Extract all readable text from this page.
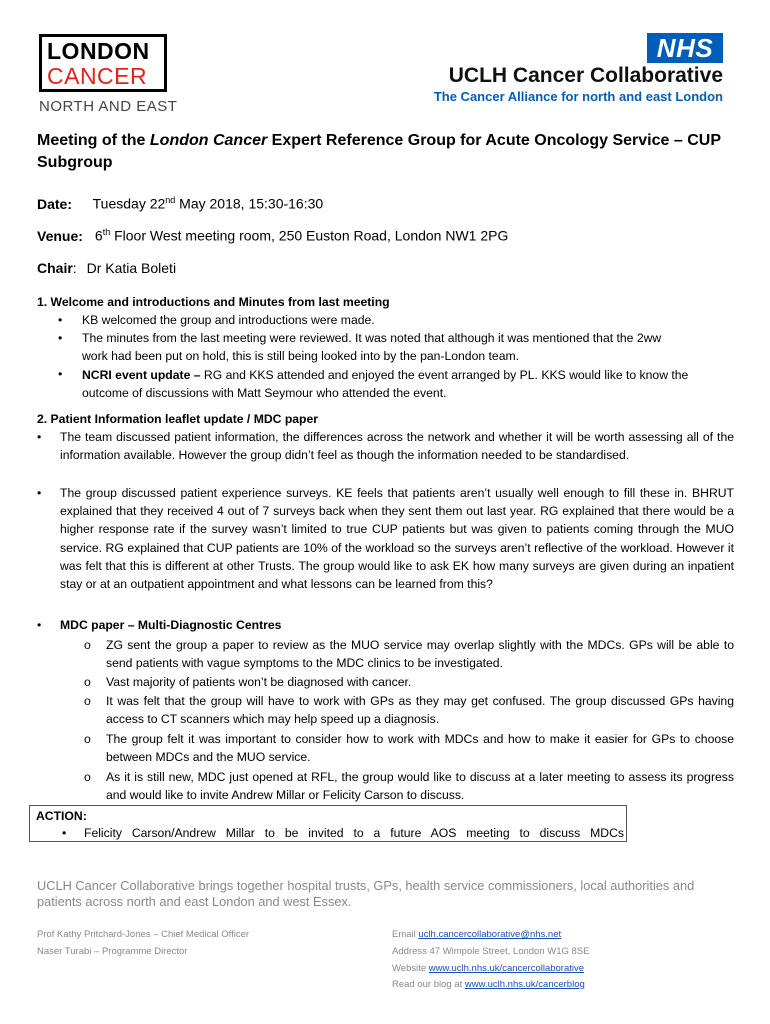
LONDON
CANCER
NORTH AND EAST
NHS
UCLH Cancer Collaborative
The Cancer Alliance for north and east London
Meeting of the London Cancer Expert Reference Group for Acute Oncology Service – CUP
Subgroup
Date: Tuesday 22nd May 2018, 15:30-16:30
Venue: 6th Floor West meeting room, 250 Euston Road, London NW1 2PG
Chair: Dr Katia Boleti

1. Welcome and introductions and Minutes from last meeting

• KB welcomed the group and introductions were made.

• The minutes from the last meeting were reviewed. It was noted that although it was mentioned that the 2ww

work had been put on hold, this is still being looked into by the pan-London team.

• NCRI event update – RG and KKS attended and enjoyed the event arranged by PL. KKS would like to know the

outcome of discussions with Matt Seymour who attended the event.

2. Patient Information leaflet update / MDC paper

• The team discussed patient information, the differences across the network and whether it will be worth assessing all of the information available. However the group didn’t feel as though the information needed to be standardised.
• The group discussed patient experience surveys. KE feels that patients aren’t usually well enough to fill these in. BHRUT explained that they received 4 out of 7 surveys back when they sent them out last year. RG explained that there would be a higher response rate if the survey wasn’t limited to true CUP patients but was given to patients coming through the MUO service. RG explained that CUP patients are 10% of the workload so the surveys aren’t reflective of the workload. However it was felt that this is different at other Trusts. The group would like to ask EK how many surveys are given during an inpatient stay or at an outpatient appointment and what lessons can be learned from this?
• MDC paper – Multi-Diagnostic Centres
o ZG sent the group a paper to review as the MUO service may overlap slightly with the MDCs. GPs will be able to send patients with vague symptoms to the MDC clinics to be investigated.
o Vast majority of patients won’t be diagnosed with cancer.
o It was felt that the group will have to work with GPs as they may get confused. The group discussed GPs having access to CT scanners which may help speed up a diagnosis.
o The group felt it was important to consider how to work with MDCs and how to make it easier for GPs to choose between MDCs and the MUO service.
o As it is still new, MDC just opened at RFL, the group would like to discuss at a later meeting to assess its progress and would like to invite Andrew Millar or Felicity Carson to discuss.
ACTION:
• Felicity Carson/Andrew Millar to be invited to a future AOS meeting to discuss MDCs
UCLH Cancer Collaborative brings together hospital trusts, GPs, health service commissioners, local authorities and patients across north and east London and west Essex.
Prof Kathy Pritchard-Jones – Chief Medical Officer
Naser Turabi – Programme Director
Email uclh.cancercollaborative@nhs.net
Address 47 Wimpole Street, London W1G 8SE
Website www.uclh.nhs.uk/cancercollaborative
Read our blog at www.uclh.nhs.uk/cancerblog
